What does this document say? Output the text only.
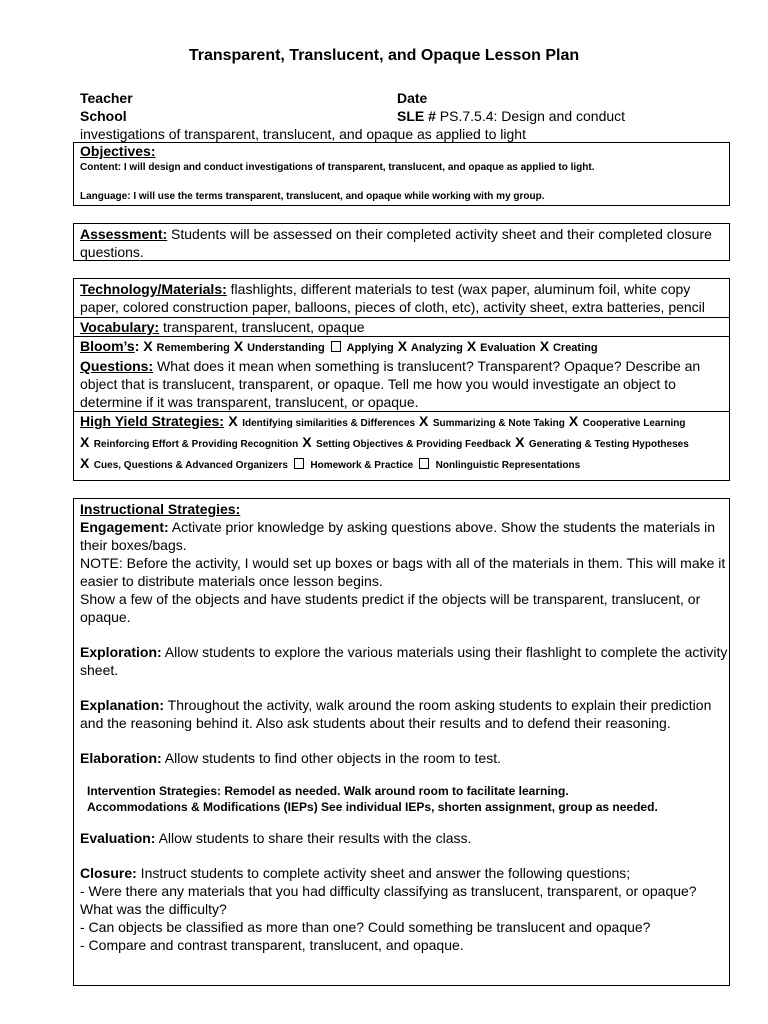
Transparent, Translucent, and Opaque Lesson Plan
Teacher
School
Date
SLE # PS.7.5.4: Design and conduct
investigations of transparent, translucent, and opaque as applied to light
Objectives:
Content: I will design and conduct investigations of transparent, translucent, and opaque as applied to light.
Language: I will use the terms transparent, translucent, and opaque while working with my group.
Assessment: Students will be assessed on their completed activity sheet and their completed closure questions.
Technology/Materials: flashlights, different materials to test (wax paper, aluminum foil, white copy paper, colored construction paper, balloons, pieces of cloth, etc), activity sheet, extra batteries, pencil
Vocabulary: transparent, translucent, opaque
Bloom’s: X Remembering X Understanding Applying X Analyzing X Evaluation X Creating
Questions: What does it mean when something is translucent? Transparent? Opaque? Describe an object that is translucent, transparent, or opaque. Tell me how you would investigate an object to determine if it was transparent, translucent, or opaque.
High Yield Strategies: X Identifying similarities & Differences X Summarizing & Note Taking X Cooperative Learning
X Reinforcing Effort & Providing Recognition X Setting Objectives & Providing Feedback X Generating & Testing Hypotheses
X Cues, Questions & Advanced Organizers Homework & Practice Nonlinguistic Representations
Instructional Strategies:
Engagement: Activate prior knowledge by asking questions above. Show the students the materials in their boxes/bags.
NOTE: Before the activity, I would set up boxes or bags with all of the materials in them. This will make it easier to distribute materials once lesson begins.
Show a few of the objects and have students predict if the objects will be transparent, translucent, or opaque.
Exploration: Allow students to explore the various materials using their flashlight to complete the activity sheet.
Explanation: Throughout the activity, walk around the room asking students to explain their prediction and the reasoning behind it. Also ask students about their results and to defend their reasoning.
Elaboration: Allow students to find other objects in the room to test.
Intervention Strategies: Remodel as needed. Walk around room to facilitate learning.
Accommodations & Modifications (IEPs) See individual IEPs, shorten assignment, group as needed.
Evaluation: Allow students to share their results with the class.
Closure: Instruct students to complete activity sheet and answer the following questions;
- Were there any materials that you had difficulty classifying as translucent, transparent, or opaque? What was the difficulty?
- Can objects be classified as more than one? Could something be translucent and opaque?
- Compare and contrast transparent, translucent, and opaque.
